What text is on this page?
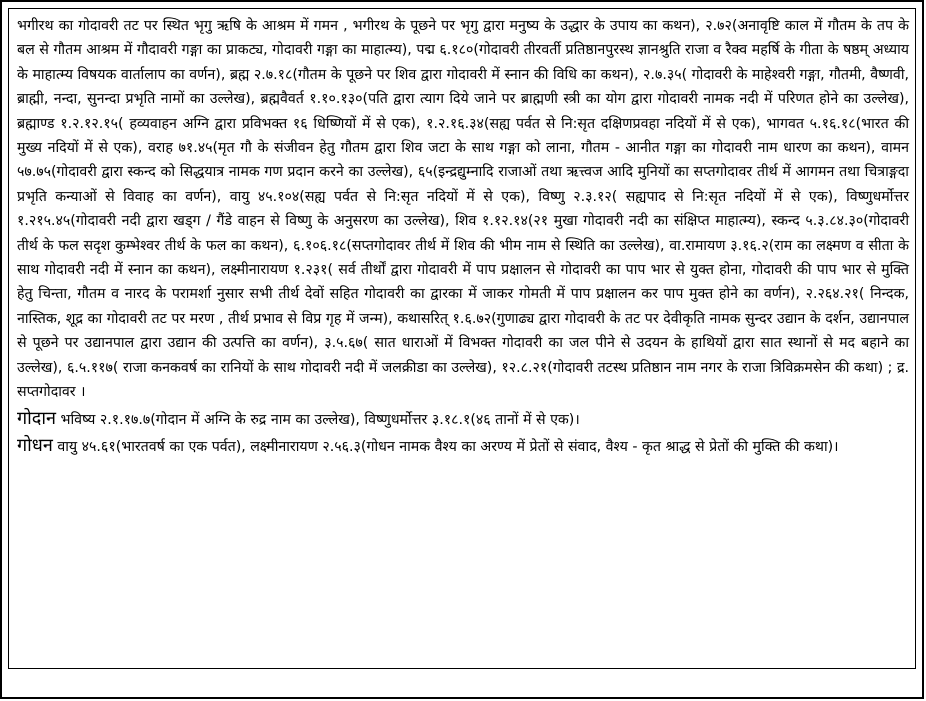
भगीरथ का गोदावरी तट पर स्थित भृगु ऋषि के आश्रम में गमन , भगीरथ के पूछने पर भृगु द्वारा मनुष्य के उद्धार के उपाय का कथन), २.७२(अनावृष्टि काल में गौतम के तप के बल से गौतम आश्रम में गौदावरी गङ्गा का प्राकट्य, गोदावरी गङ्गा का माहात्म्य), पद्म ६.१८०(गोदावरी तीरवर्ती प्रतिष्ठानपुरस्थ ज्ञानश्रुति राजा व रैक्व महर्षि के गीता के षष्ठम् अध्याय के माहात्म्य विषयक वार्तालाप का वर्णन), ब्रह्म २.७.१८(गौतम के पूछने पर शिव द्वारा गोदावरी में स्नान की विधि का कथन), २.७.३५( गोदावरी के माहेश्वरी गङ्गा, गौतमी, वैष्णवी, ब्राह्मी, नन्दा, सुनन्दा प्रभृति नामों का उल्लेख), ब्रह्मवैवर्त १.१०.१३०(पति द्वारा त्याग दिये जाने पर ब्राह्मणी स्त्री का योग द्वारा गोदावरी नामक नदी में परिणत होने का उल्लेख), ब्रह्माण्ड १.२.१२.१५( हव्यवाहन अग्नि द्वारा प्रविभक्त १६ धिष्णियों में से एक), १.२.१६.३४(सह्य पर्वत से नि:सृत दक्षिणप्रवहा नदियों में से एक), भागवत ५.१६.१८(भारत की मुख्य नदियों में से एक), वराह ७१.४५(मृत गौ के संजीवन हेतु गौतम द्वारा शिव जटा के साथ गङ्गा को लाना, गौतम - आनीत गङ्गा का गोदावरी नाम धारण का कथन), वामन ५७.७५(गोदावरी द्वारा स्कन्द को सिद्धयात्र नामक गण प्रदान करने का उल्लेख), ६५(इन्द्रद्युम्नादि राजाओं तथा ऋत्त्वज आदि मुनियों का सप्तगोदावर तीर्थ में आगमन तथा चित्राङ्गदा प्रभृति कन्याओं से विवाह का वर्णन), वायु ४५.१०४(सह्य पर्वत से नि:सृत नदियों में से एक), विष्णु २.३.१२( सह्यपाद से नि:सृत नदियों में से एक), विष्णुधर्मोत्तर १.२१५.४५(गोदावरी नदी द्वारा खड्ग / गैंडे वाहन से विष्णु के अनुसरण का उल्लेख), शिव १.१२.१४(२१ मुखा गोदावरी नदी का संक्षिप्त माहात्म्य), स्कन्द ५.३.८४.३०(गोदावरी तीर्थ के फल सदृश कुम्भेश्वर तीर्थ के फल का कथन), ६.१०६.१८(सप्तगोदावर तीर्थ में शिव की भीम नाम से स्थिति का उल्लेख), वा.रामायण ३.१६.२(राम का लक्ष्मण व सीता के साथ गोदावरी नदी में स्नान का कथन), लक्ष्मीनारायण १.२३१( सर्व तीर्थों द्वारा गोदावरी में पाप प्रक्षालन से गोदावरी का पाप भार से युक्त होना, गोदावरी की पाप भार से मुक्ति हेतु चिन्ता, गौतम व नारद के परामर्शा नुसार सभी तीर्थ देवों सहित गोदावरी का द्वारका में जाकर गोमती में पाप प्रक्षालन कर पाप मुक्त होने का वर्णन), २.२६४.२१( निन्दक, नास्तिक, शूद्र का गोदावरी तट पर मरण , तीर्थ प्रभाव से विप्र गृह में जन्म), कथासरित् १.६.७२(गुणाढ्य द्वारा गोदावरी के तट पर देवीकृति नामक सुन्दर उद्यान के दर्शन, उद्यानपाल से पूछने पर उद्यानपाल द्वारा उद्यान की उत्पत्ति का वर्णन), ३.५.६७( सात धाराओं में विभक्त गोदावरी का जल पीने से उदयन के हाथियों द्वारा सात स्थानों से मद बहाने का उल्लेख), ६.५.११७( राजा कनकवर्ष का रानियों के साथ गोदावरी नदी में जलक्रीडा का उल्लेख), १२.८.२१(गोदावरी तटस्थ प्रतिष्ठान नाम नगर के राजा त्रिविक्रमसेन की कथा) ; द्र. सप्तगोदावर ।

गोदान भविष्य २.१.१७.७(गोदान में अग्नि के रुद्र नाम का उल्लेख), विष्णुधर्मोत्तर ३.१८.१(४६ तानों में से एक)।

गोधन वायु ४५.६१(भारतवर्ष का एक पर्वत), लक्ष्मीनारायण २.५६.३(गोधन नामक वैश्य का अरण्य में प्रेतों से संवाद, वैश्य - कृत श्राद्ध से प्रेतों की मुक्ति की कथा)।
